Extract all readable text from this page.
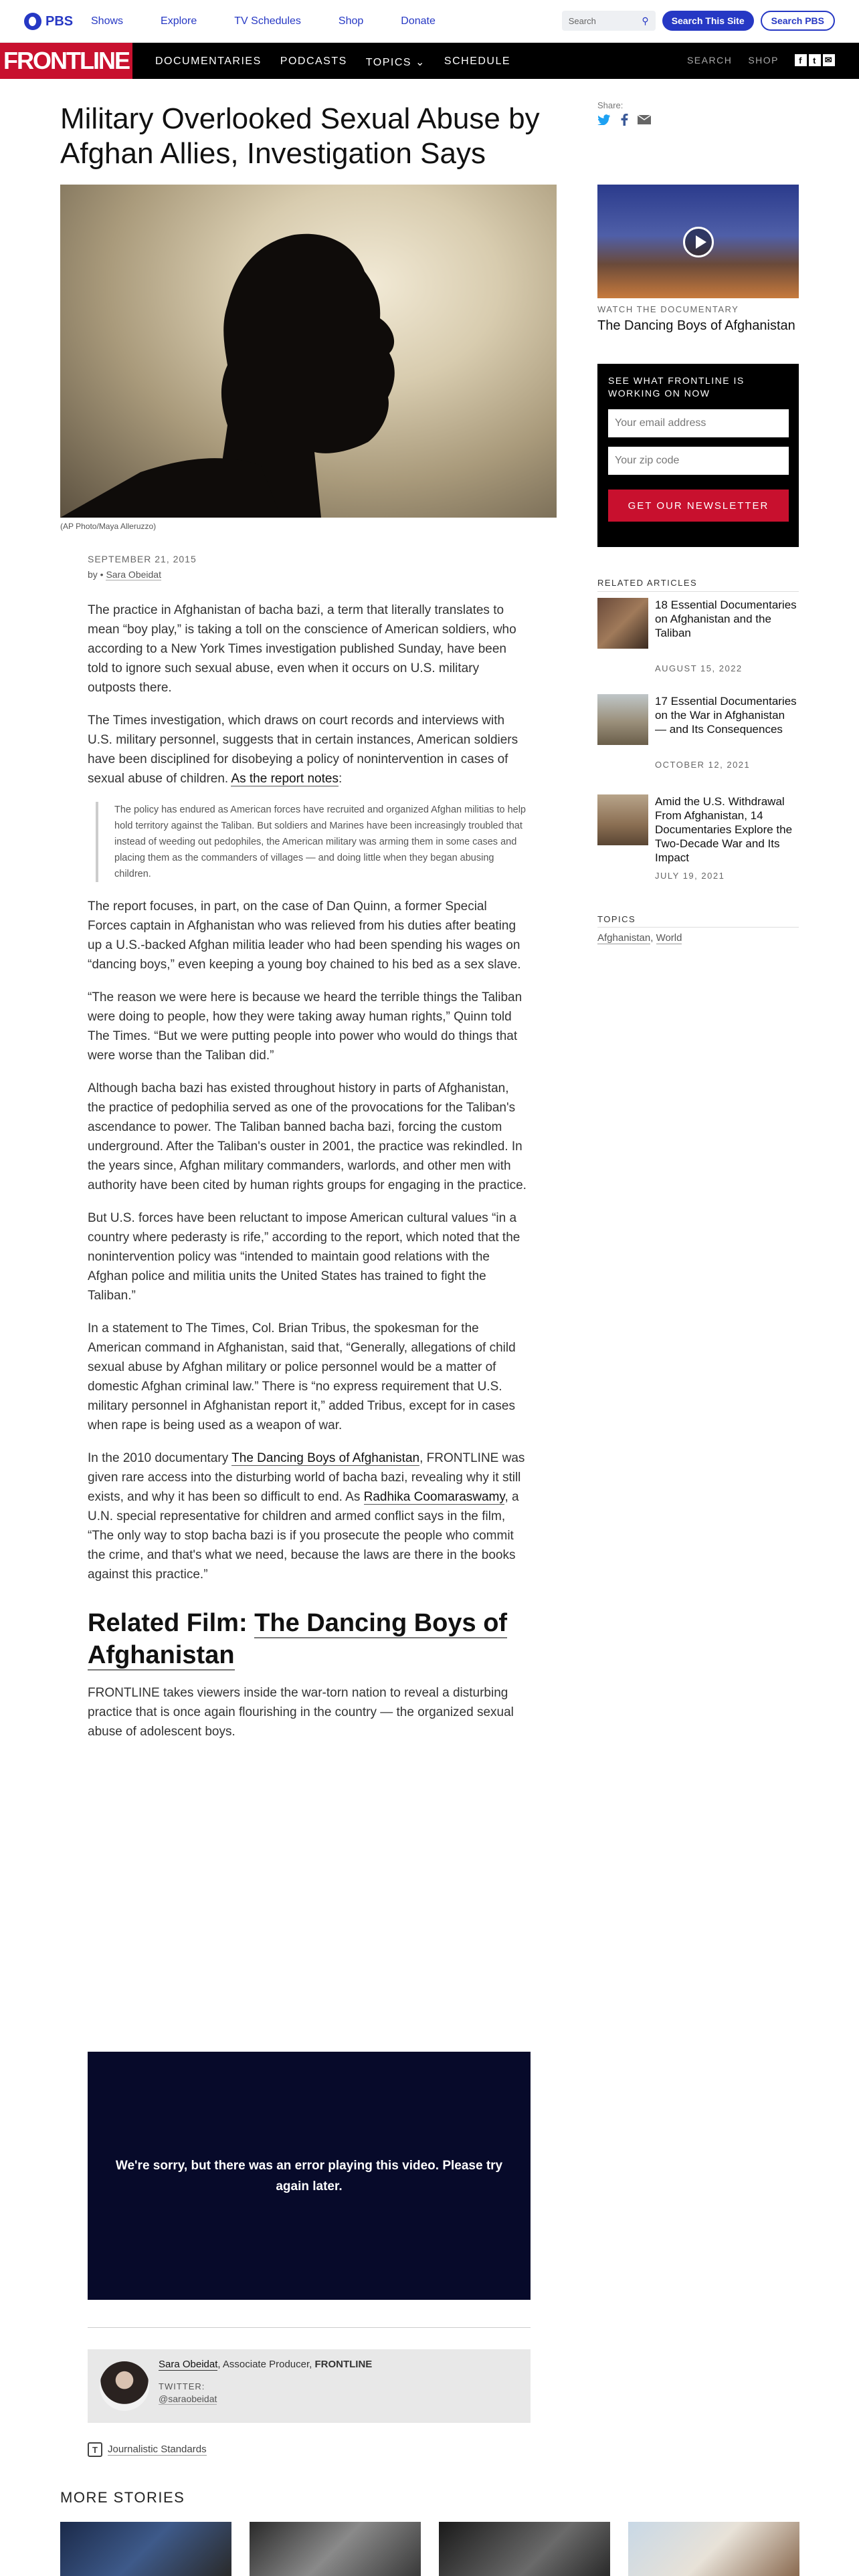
PBS Shows	Explore	TV Schedules	Shop	Donate	Search	⚲	Search This Site	Search PBS
FRONTLINE	DOCUMENTARIES PODCASTS TOPICS ⌄ SCHEDULE	SEARCH SHOP	f	t ✉
Military Overlooked Sexual Abuse by Afghan Allies, Investigation Says
Share:
(AP Photo/Maya Alleruzzo)
SEPTEMBER 21, 2015
by • Sara Obeidat

The practice in Afghanistan of bacha bazi, a term that literally translates to mean “boy play,” is taking a toll on the conscience of American soldiers, who according to a New York Times investigation published Sunday, have been told to ignore such sexual abuse, even when it occurs on U.S. military outposts there.

The Times investigation, which draws on court records and interviews with U.S. military personnel, suggests that in certain instances, American soldiers have been disciplined for disobeying a policy of nonintervention in cases of sexual abuse of children. As the report notes:

The policy has endured as American forces have recruited and organized Afghan militias to help hold territory against the Taliban. But soldiers and Marines have been increasingly troubled that instead of weeding out pedophiles, the American military was arming them in some cases and placing them as the commanders of villages — and doing little when they began abusing children.

The report focuses, in part, on the case of Dan Quinn, a former Special Forces captain in Afghanistan who was relieved from his duties after beating up a U.S.-backed Afghan militia leader who had been spending his wages on “dancing boys,” even keeping a young boy chained to his bed as a sex slave.

“The reason we were here is because we heard the terrible things the Taliban were doing to people, how they were taking away human rights,” Quinn told The Times. “But we were putting people into power who would do things that were worse than the Taliban did.”

Although bacha bazi has existed throughout history in parts of Afghanistan, the practice of pedophilia served as one of the provocations for the Taliban's ascendance to power. The Taliban banned bacha bazi, forcing the custom underground. After the Taliban's ouster in 2001, the practice was rekindled. In the years since, Afghan military commanders, warlords, and other men with authority have been cited by human rights groups for engaging in the practice.

But U.S. forces have been reluctant to impose American cultural values “in a country where pederasty is rife,” according to the report, which noted that the nonintervention policy was “intended to maintain good relations with the Afghan police and militia units the United States has trained to fight the Taliban.”

In a statement to The Times, Col. Brian Tribus, the spokesman for the American command in Afghanistan, said that, “Generally, allegations of child sexual abuse by Afghan military or police personnel would be a matter of domestic Afghan criminal law.” There is “no express requirement that U.S. military personnel in Afghanistan report it,” added Tribus, except for in cases when rape is being used as a weapon of war.

In the 2010 documentary The Dancing Boys of Afghanistan, FRONTLINE was given rare access into the disturbing world of bacha bazi, revealing why it still exists, and why it has been so difficult to end. As Radhika Coomaraswamy, a U.N. special representative for children and armed conflict says in the film, “The only way to stop bacha bazi is if you prosecute the people who commit the crime, and that's what we need, because the laws are there in the books against this practice.”

Related Film: The Dancing Boys of Afghanistan

FRONTLINE takes viewers inside the war-torn nation to reveal a disturbing practice that is once again flourishing in the country — the organized sexual abuse of adolescent boys.

We're sorry, but there was an error playing this video. Please try again later.

Sara Obeidat, Associate Producer, FRONTLINE
TWITTER:
@saraobeidat
T	Journalistic Standards
MORE STORIES
WATCH THE DOCUMENTARY
The Dancing Boys of Afghanistan
SEE WHAT FRONTLINE IS WORKING ON NOW
Your email address
Your zip code
GET OUR NEWSLETTER
RELATED ARTICLES
18 Essential Documentaries on Afghanistan and the Taliban
AUGUST 15, 2022
17 Essential Documentaries on the War in Afghanistan — and Its Consequences
OCTOBER 12, 2021
Amid the U.S. Withdrawal From Afghanistan, 14 Documentaries Explore the Two-Decade War and Its Impact
JULY 19, 2021
TOPICS
Afghanistan, World
